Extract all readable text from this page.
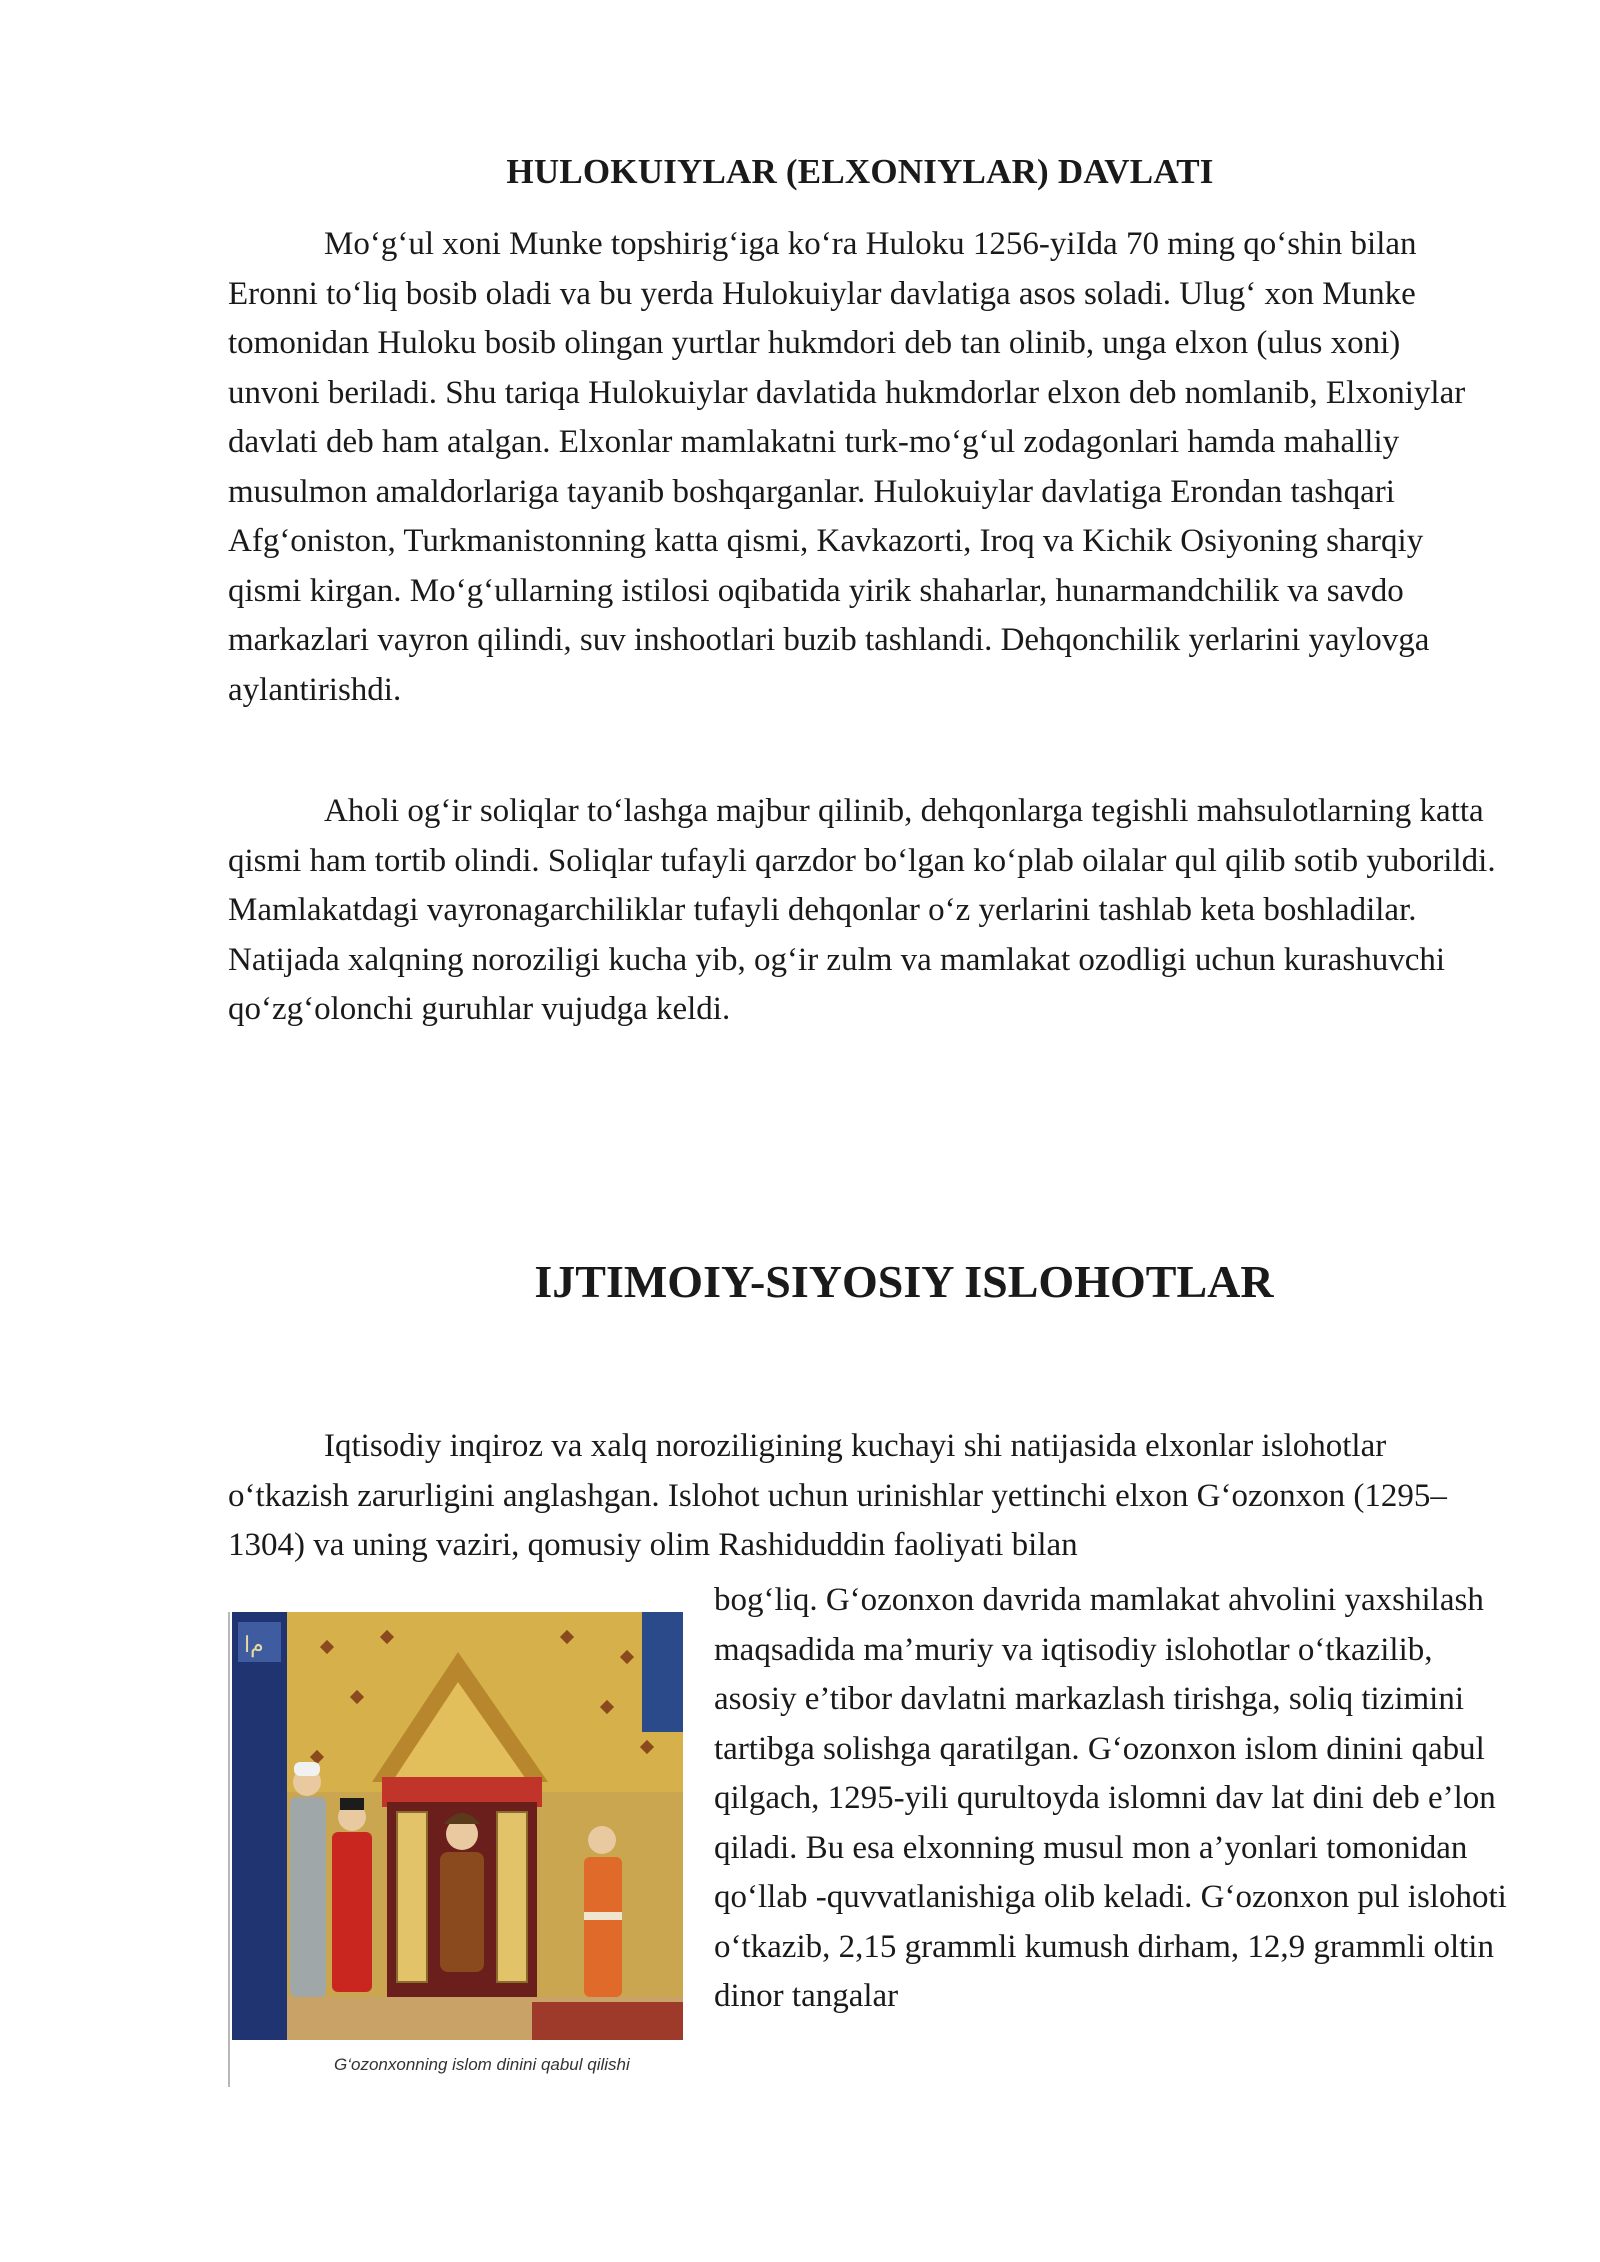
HULOKUIYLAR (ELXONIYLAR) DAVLATI

Mo‘g‘ul xoni Munke topshirig‘iga ko‘ra Huloku 1256-yiIda 70 ming qo‘shin bilan Eronni to‘liq bosib oladi va bu yerda Hulokuiylar davlatiga asos soladi. Ulug‘ xon Munke tomonidan Huloku bosib olingan yurtlar hukmdori deb tan olinib, unga elxon (ulus xoni) unvoni beriladi. Shu tariqa Hulokuiylar davlatida hukmdorlar elxon deb nomlanib, Elxoniylar davlati deb ham atalgan. Elxonlar mamlakatni turk-mo‘g‘ul zodagonlari hamda mahalliy musulmon amaldorlariga tayanib boshqarganlar. Hulokuiylar davlatiga Erondan tashqari Afg‘oniston, Turkmanistonning katta qismi, Kavkazorti, Iroq va Kichik Osiyoning sharqiy qismi kirgan. Mo‘g‘ullarning istilosi oqibatida yirik shaharlar, hunarmandchilik va savdo markazlari vayron qilindi, suv inshootlari buzib tashlandi. Dehqonchilik yerlarini yaylovga aylantirishdi.

Aholi og‘ir soliqlar to‘lashga majbur qilinib, dehqonlarga tegishli mahsulotlarning katta qismi ham tortib olindi. Soliqlar tufayli qarzdor bo‘lgan ko‘plab oilalar qul qilib sotib yuborildi. Mamlakatdagi vayronagarchiliklar tufayli dehqonlar o‘z yerlarini tashlab keta boshladilar. Natijada xalqning noroziligi kucha yib, og‘ir zulm va mamlakat ozodligi uchun kurashuvchi qo‘zg‘olonchi guruhlar vujudga keldi.

IJTIMOIY-SIYOSIY ISLOHOTLAR

Iqtisodiy inqiroz va xalq noroziligining kuchayi shi natijasida elxonlar islohotlar o‘tkazish zarurligini anglashgan. Islohot uchun urinishlar yettinchi elxon G‘ozonxon (1295–1304) va uning vaziri, qomusiy olim Rashiduddin faoliyati bilan

ﻡﺍ
G‘ozonxonning islom dinini qabul qilishi

bog‘liq. G‘ozonxon davrida mamlakat ahvolini yaxshilash maqsadida ma’muriy va iqtisodiy islohotlar o‘tkazilib, asosiy e’tibor davlatni markazlash tirishga, soliq tizimini tartibga solishga qaratilgan. G‘ozonxon islom dinini qabul qilgach, 1295-yili qurultoyda islomni dav lat dini deb e’lon qiladi. Bu esa elxonning musul mon a’yonlari tomonidan qo‘llab -quvvatlanishiga olib keladi. G‘ozonxon pul islohoti o‘tkazib, 2,15 grammli kumush dirham, 12,9 grammli oltin dinor tangalar
